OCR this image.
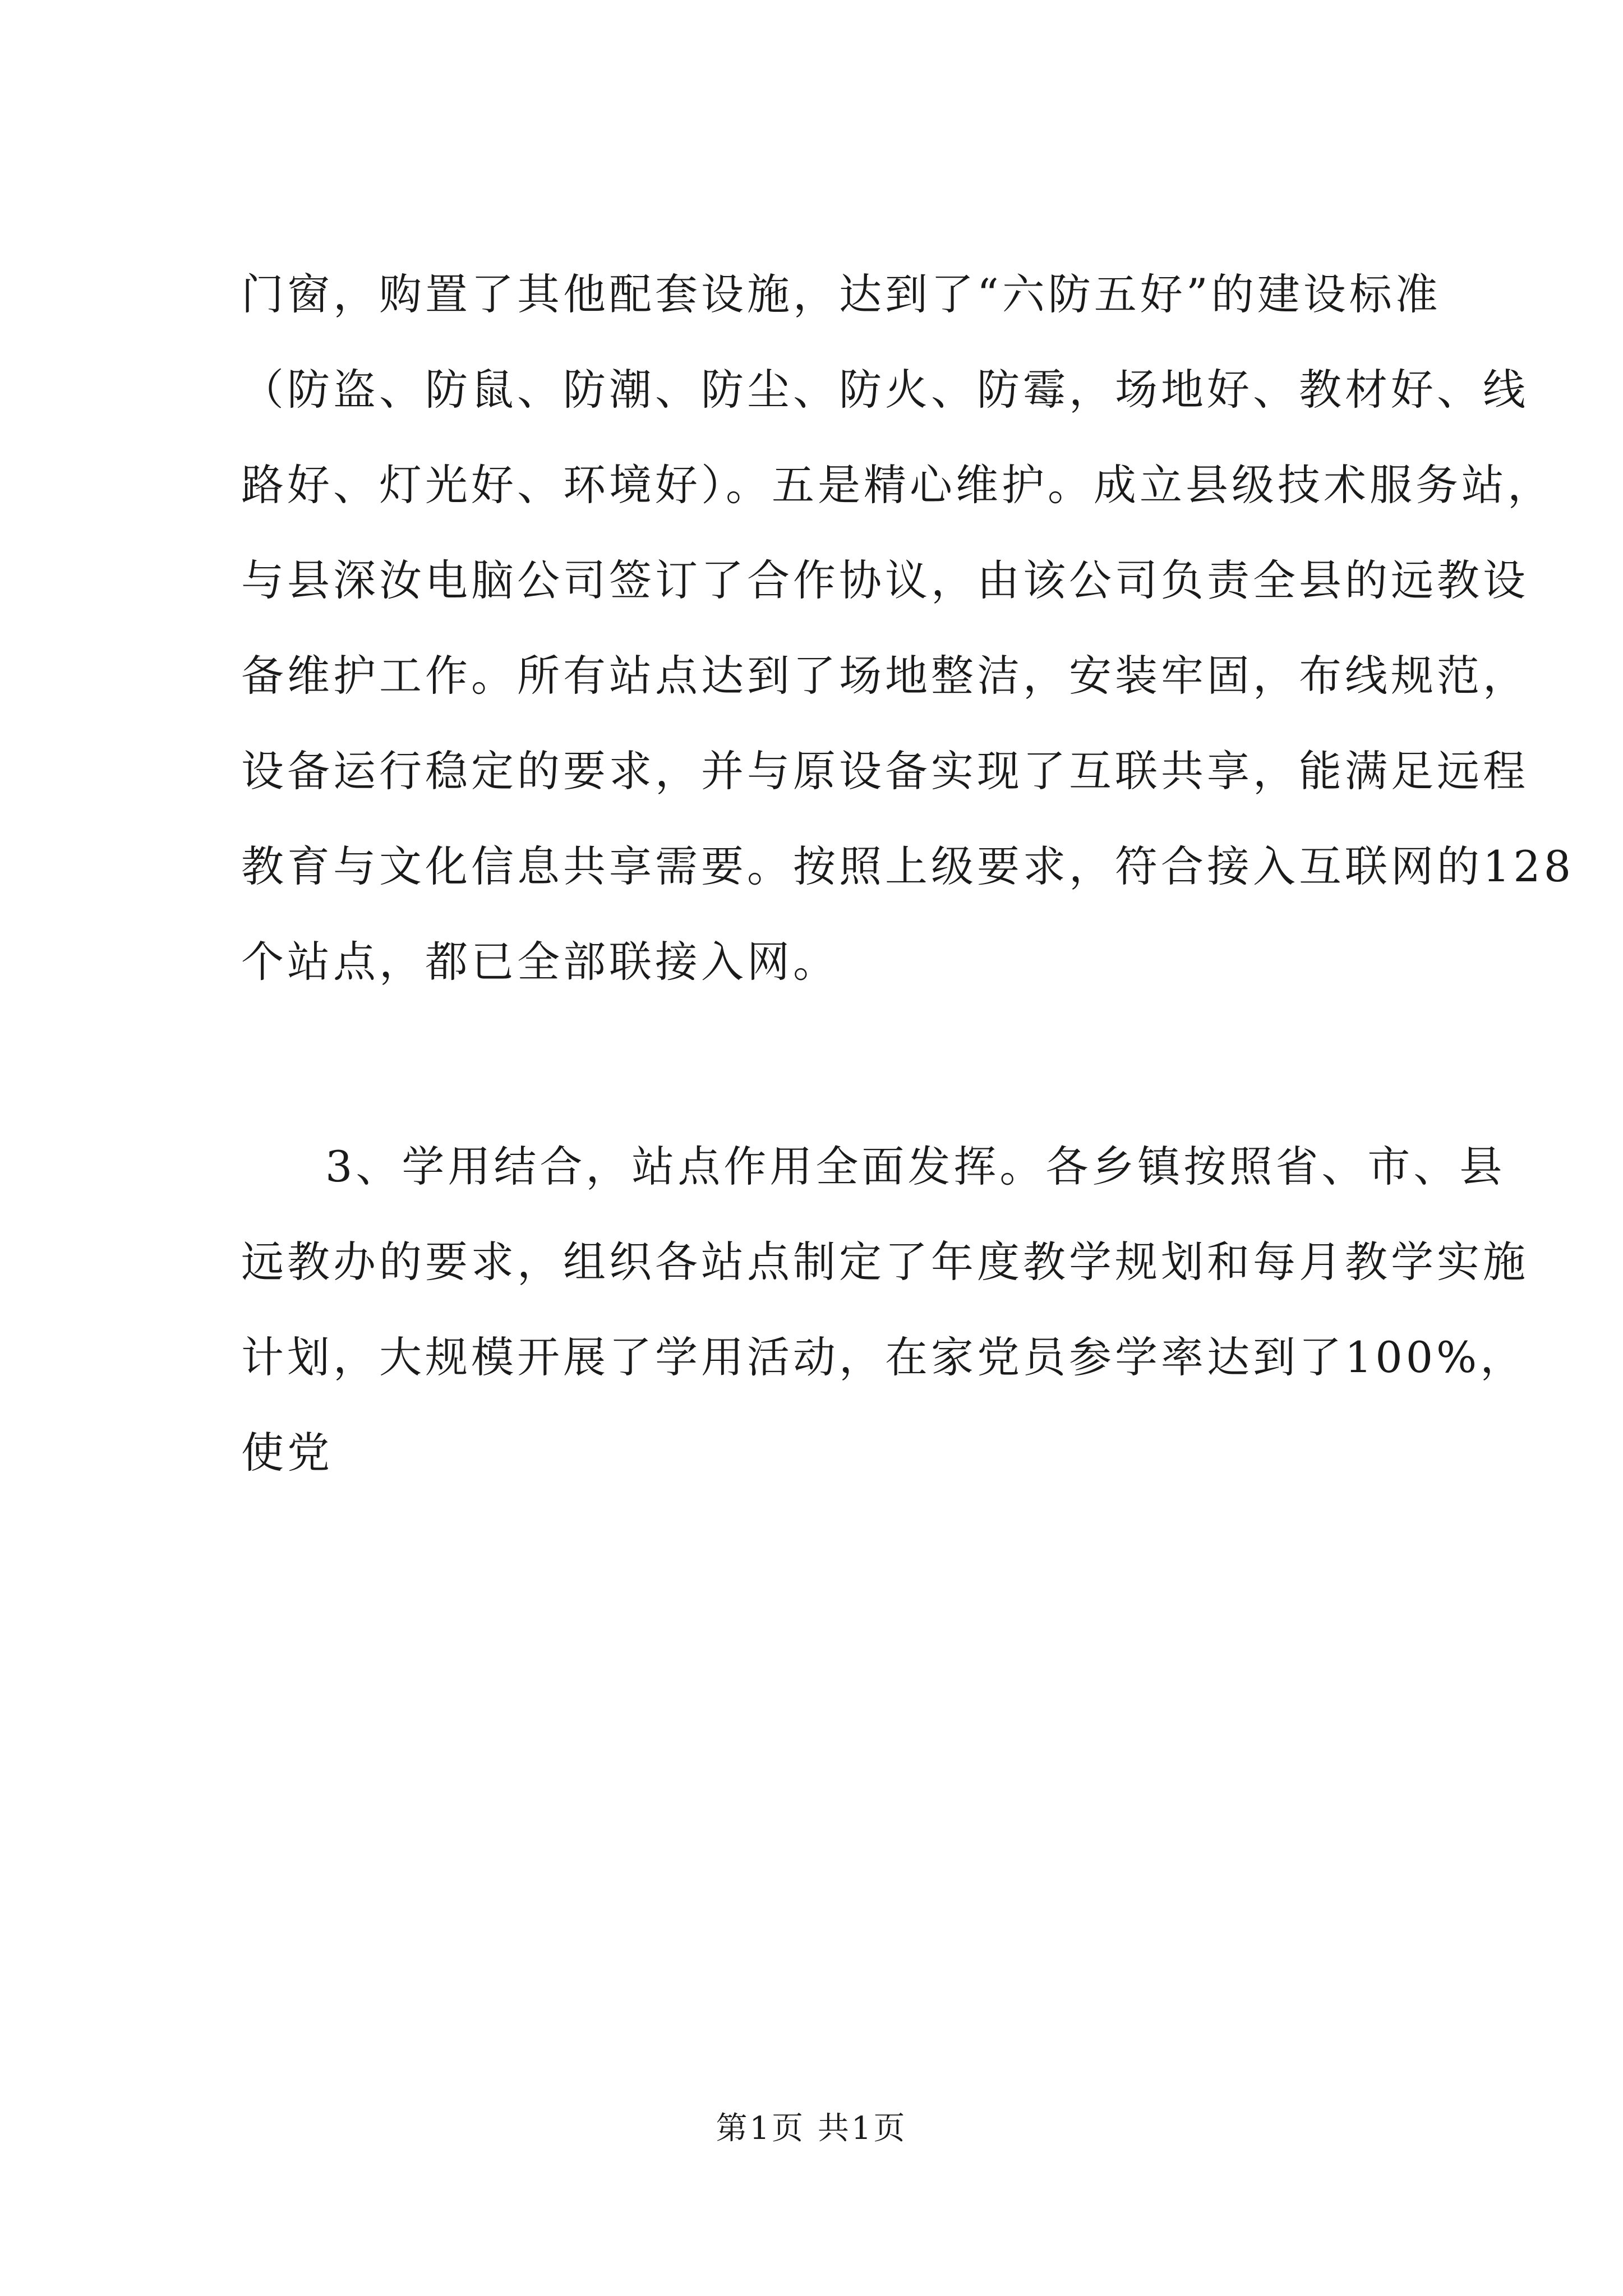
门窗，购置了其他配套设施，达到了“六防五好”的建设标准
（防盗、防鼠、防潮、防尘、防火、防霉，场地好、教材好、线
路好、灯光好、环境好）。五是精心维护。成立县级技术服务站，
与县深汝电脑公司签订了合作协议，由该公司负责全县的远教设
备维护工作。所有站点达到了场地整洁，安装牢固，布线规范，
设备运行稳定的要求，并与原设备实现了互联共享，能满足远程
教育与文化信息共享需要。按照上级要求，符合接入互联网的128
个站点，都已全部联接入网。
3、学用结合，站点作用全面发挥。各乡镇按照省、市、县
远教办的要求，组织各站点制定了年度教学规划和每月教学实施
计划，大规模开展了学用活动，在家党员参学率达到了100%，
使党
第1页 共1页
